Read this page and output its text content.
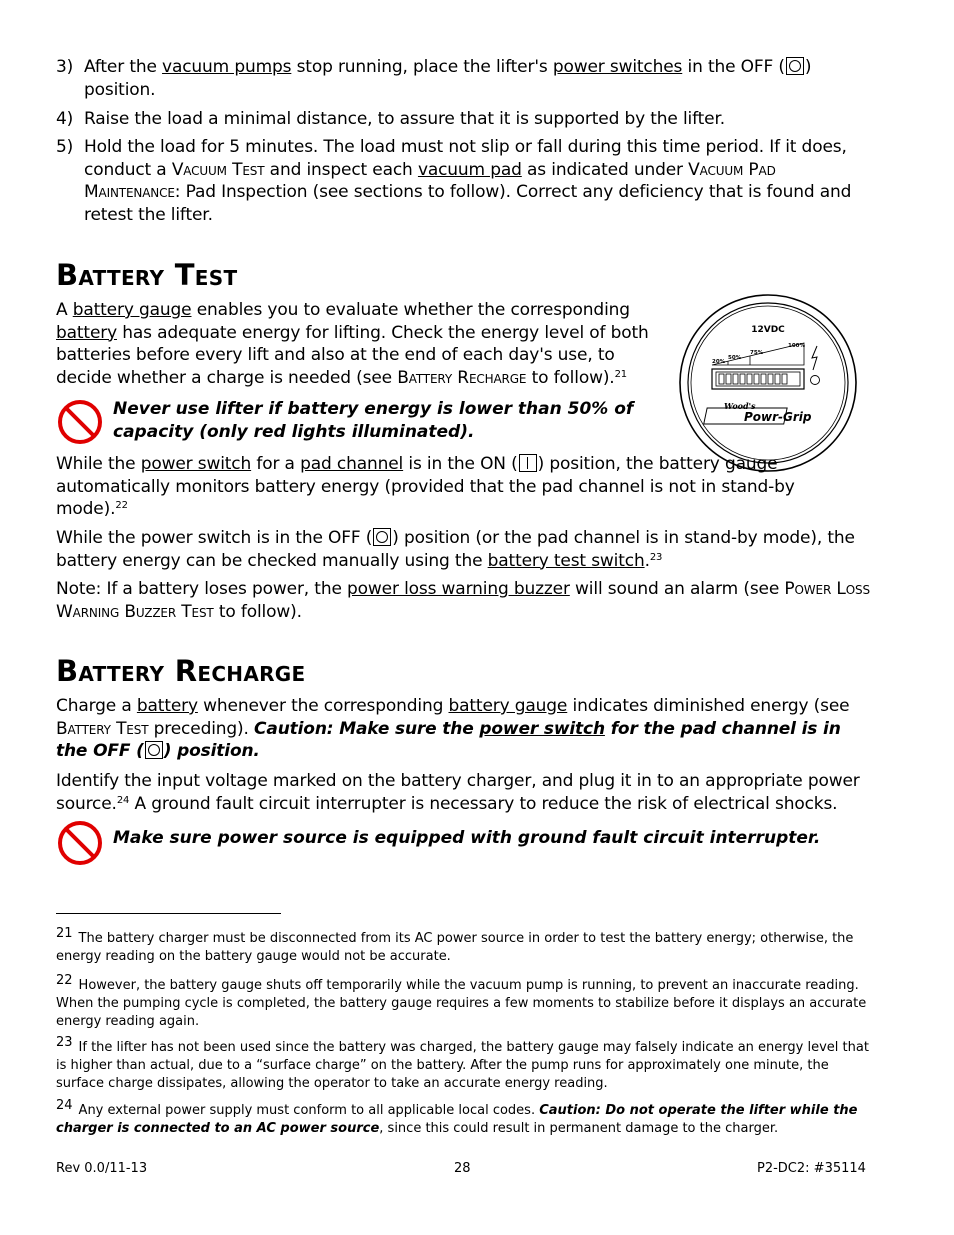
3) After the vacuum pumps stop running, place the lifter's power switches in the OFF ( ) position.
4) Raise the load a minimal distance, to assure that it is supported by the lifter.
5) Hold the load for 5 minutes. The load must not slip or fall during this time period. If it does, conduct a Vacuum Test and inspect each vacuum pad as indicated under Vacuum Pad Maintenance: Pad Inspection (see sections to follow). Correct any deficiency that is found and retest the lifter.
Battery Test
A battery gauge enables you to evaluate whether the corresponding battery has adequate energy for lifting. Check the energy level of both batteries before every lift and also at the end of each day's use, to decide whether a charge is needed (see Battery Recharge to follow).$^{21}$
Never use lifter if battery energy is lower than 50% of capacity (only red lights illuminated).
12VDC
20%
50%
75%
100%
Wood's
Powr-Grip
While the power switch for a pad channel is in the ON ( ) position, the battery gauge automatically monitors battery energy (provided that the pad channel is not in stand-by mode).$^{22}$
While the power switch is in the OFF ( ) position (or the pad channel is in stand-by mode), the battery energy can be checked manually using the battery test switch.$^{23}$
Note: If a battery loses power, the power loss warning buzzer will sound an alarm (see Power Loss Warning Buzzer Test to follow).
Battery Recharge
Charge a battery whenever the corresponding battery gauge indicates diminished energy (see Battery Test preceding). Caution: Make sure the power switch for the pad channel is in the OFF ( ) position.
Identify the input voltage marked on the battery charger, and plug it in to an appropriate power source.$^{24}$ A ground fault circuit interrupter is necessary to reduce the risk of electrical shocks.
Make sure power source is equipped with ground fault circuit interrupter.
21 The battery charger must be disconnected from its AC power source in order to test the battery energy; otherwise, the energy reading on the battery gauge would not be accurate.
22 However, the battery gauge shuts off temporarily while the vacuum pump is running, to prevent an inaccurate reading. When the pumping cycle is completed, the battery gauge requires a few moments to stabilize before it displays an accurate energy reading again.
23 If the lifter has not been used since the battery was charged, the battery gauge may falsely indicate an energy level that is higher than actual, due to a “surface charge” on the battery. After the pump runs for approximately one minute, the surface charge dissipates, allowing the operator to take an accurate energy reading.
24 Any external power supply must conform to all applicable local codes. Caution: Do not operate the lifter while the charger is connected to an AC power source, since this could result in permanent damage to the charger.
Rev 0.0/11-13	28	P2-DC2: #35114
